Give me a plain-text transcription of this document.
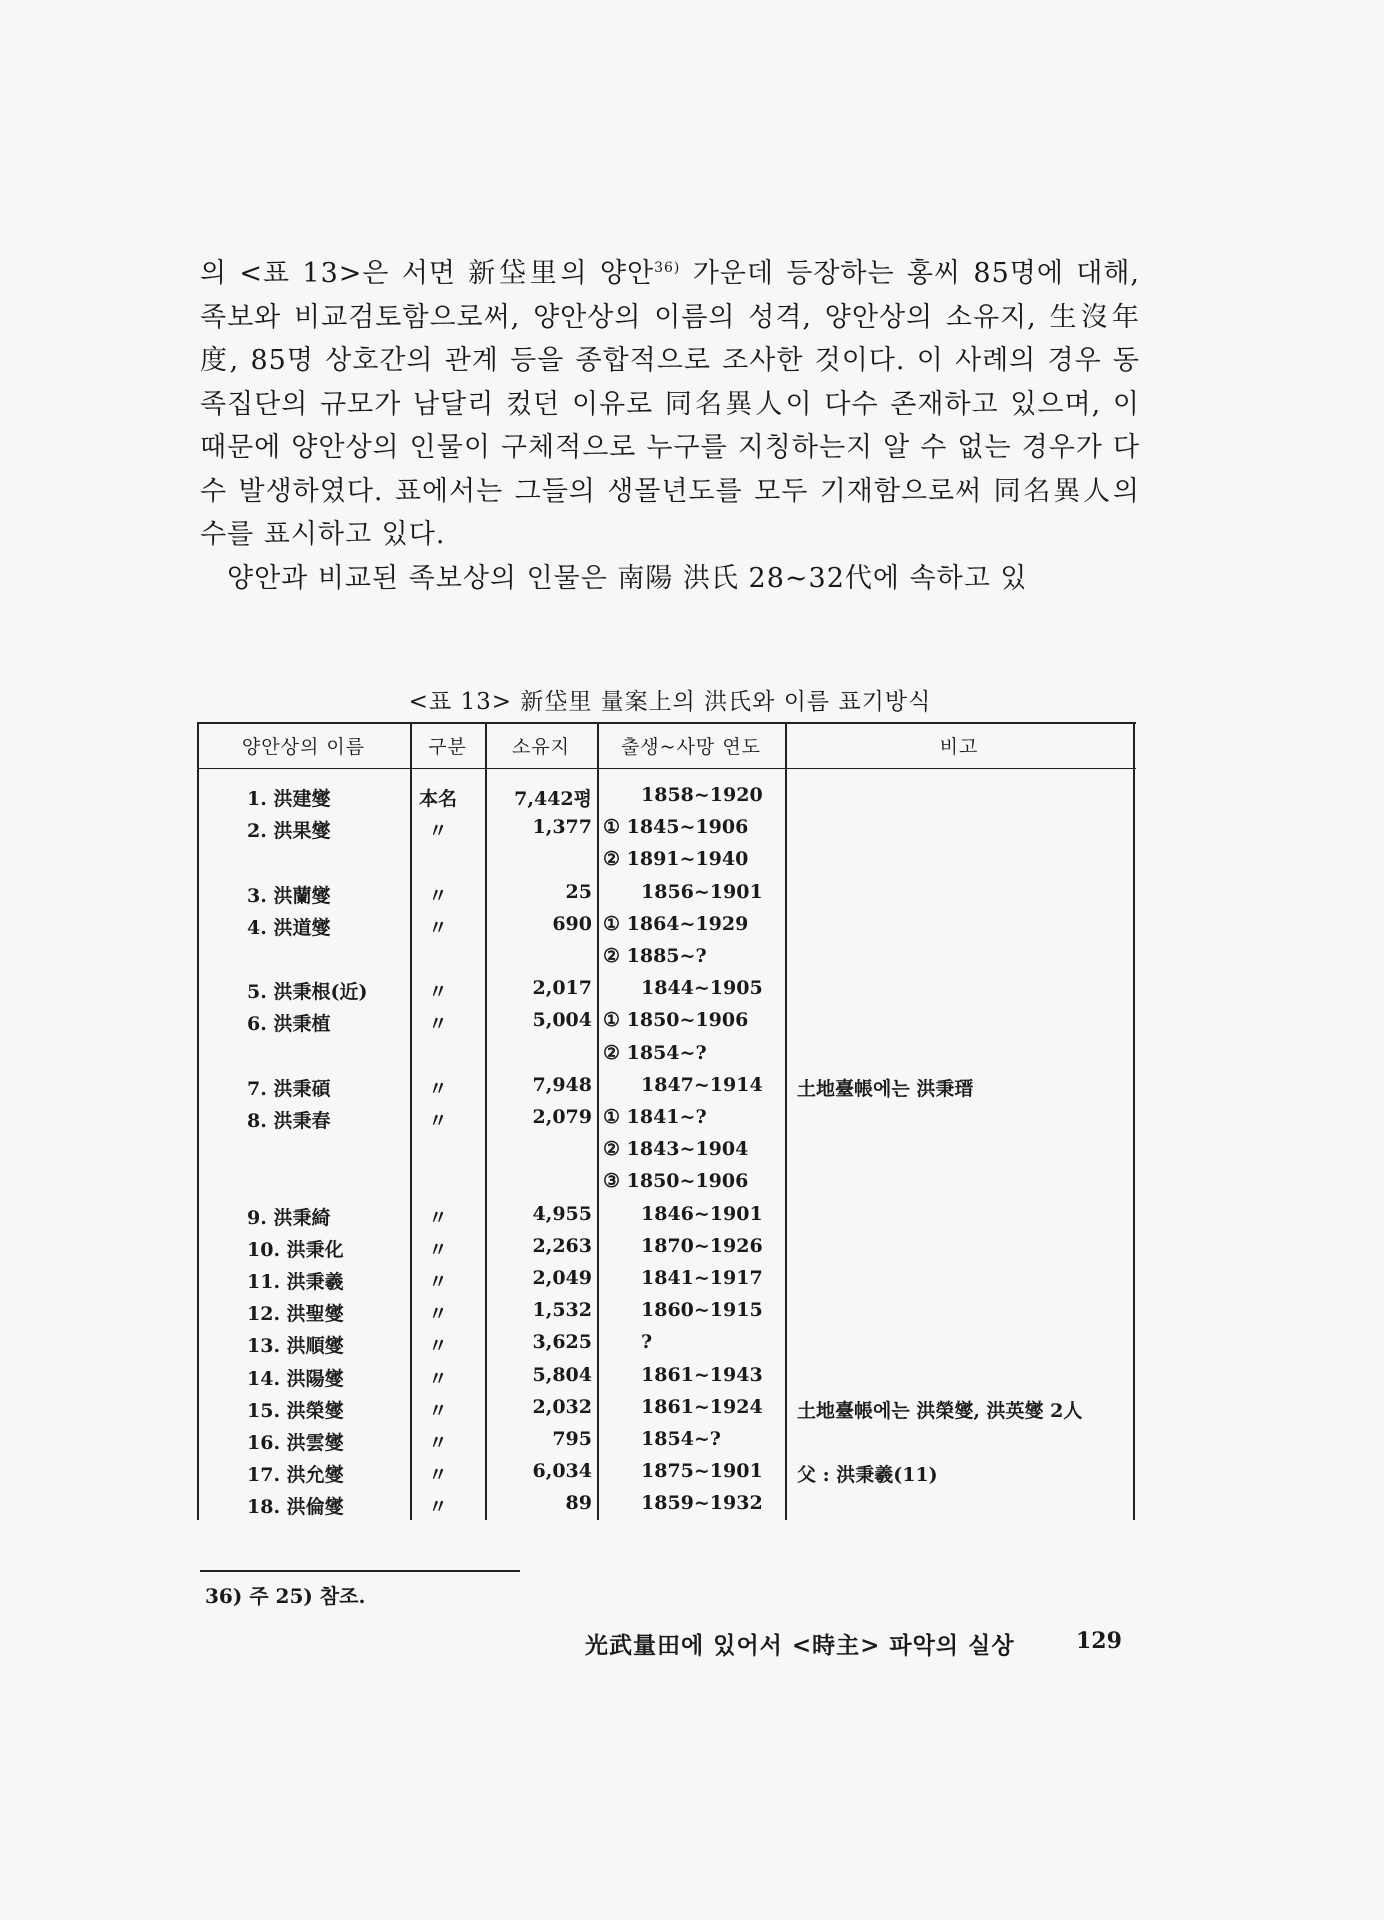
의 <표 13>은 서면 新垈里의 양안$^{36)}$ 가운데 등장하는 홍씨 85명에 대해, 족보와 비교검토함으로써, 양안상의 이름의 성격, 양안상의 소유지, 生沒年度, 85명 상호간의 관계 등을 종합적으로 조사한 것이다. 이 사례의 경우 동족집단의 규모가 남달리 컸던 이유로 同名異人이 다수 존재하고 있으며, 이 때문에 양안상의 인물이 구체적으로 누구를 지칭하는지 알 수 없는 경우가 다수 발생하였다. 표에서는 그들의 생몰년도를 모두 기재함으로써 同名異人의 수를 표시하고 있다.

양안과 비교된 족보상의 인물은 南陽 洪氏 28~32代에 속하고 있

<표 13> 新垈里 量案上의 洪氏와 이름 표기방식
양안상의 이름	구분	소유지	출생~사망 연도	비고
1. 洪建燮	本名	7,442평	1858~1920
2. 洪果燮	〃	1,377 ① 1845~1906
② 1891~1940
3. 洪蘭燮	〃	25	1856~1901
4. 洪道燮	〃	690 ① 1864~1929
② 1885~?
5. 洪秉根(近)	〃	2,017	1844~1905
6. 洪秉植	〃	5,004 ① 1850~1906
② 1854~?
7. 洪秉碩	〃	7,948	1847~1914 土地臺帳에는 洪秉瑨
8. 洪秉春	〃	2,079 ① 1841~?
② 1843~1904
③ 1850~1906
9. 洪秉綺	〃	4,955	1846~1901
10. 洪秉化	〃	2,263	1870~1926
11. 洪秉羲	〃	2,049	1841~1917
12. 洪聖燮	〃	1,532	1860~1915
13. 洪順燮	〃	3,625	?
14. 洪陽燮	〃	5,804	1861~1943
15. 洪榮燮	〃	2,032	1861~1924 土地臺帳에는 洪榮燮, 洪英燮 2人
16. 洪雲燮	〃	795	1854~?
17. 洪允燮	〃	6,034	1875~1901 父 : 洪秉羲(11)
18. 洪倫燮	〃	89	1859~1932
36) 주 25) 참조.
光武量田에 있어서 <時主> 파악의 실상	129
